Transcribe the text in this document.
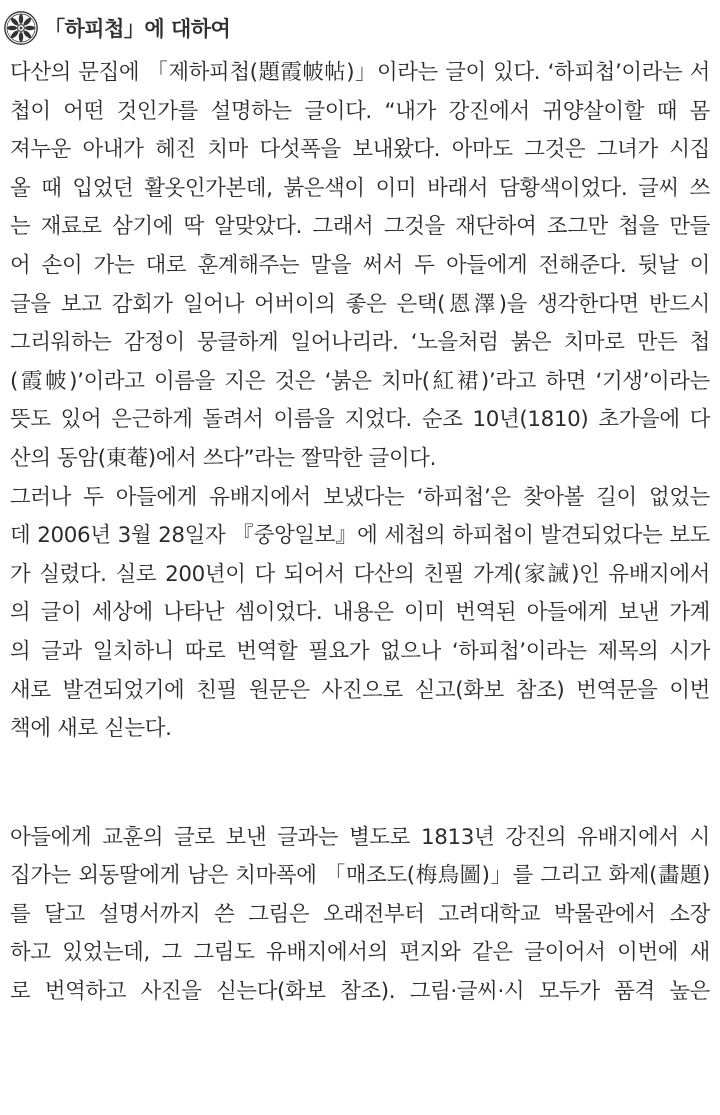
「하피첩」에 대하여
다산의 문집에 「제하피첩(題霞帔帖)」이라는 글이 있다. ‘하피첩’이라는 서
첩이 어떤 것인가를 설명하는 글이다. “내가 강진에서 귀양살이할 때 몸
져누운 아내가 헤진 치마 다섯폭을 보내왔다. 아마도 그것은 그녀가 시집
올 때 입었던 활옷인가본데, 붉은색이 이미 바래서 담황색이었다. 글씨 쓰
는 재료로 삼기에 딱 알맞았다. 그래서 그것을 재단하여 조그만 첩을 만들
어 손이 가는 대로 훈계해주는 말을 써서 두 아들에게 전해준다. 뒷날 이
글을 보고 감회가 일어나 어버이의 좋은 은택(恩澤)을 생각한다면 반드시
그리워하는 감정이 뭉클하게 일어나리라. ‘노을처럼 붉은 치마로 만든 첩
(霞帔)’이라고 이름을 지은 것은 ‘붉은 치마(紅裙)’라고 하면 ‘기생’이라는
뜻도 있어 은근하게 돌려서 이름을 지었다. 순조 10년(1810) 초가을에 다
산의 동암(東菴)에서 쓰다”라는 짤막한 글이다.
그러나 두 아들에게 유배지에서 보냈다는 ‘하피첩’은 찾아볼 길이 없었는
데 2006년 3월 28일자 『중앙일보』에 세첩의 하피첩이 발견되었다는 보도
가 실렸다. 실로 200년이 다 되어서 다산의 친필 가계(家誡)인 유배지에서
의 글이 세상에 나타난 셈이었다. 내용은 이미 번역된 아들에게 보낸 가계
의 글과 일치하니 따로 번역할 필요가 없으나 ‘하피첩’이라는 제목의 시가
새로 발견되었기에 친필 원문은 사진으로 싣고(화보 참조) 번역문을 이번
책에 새로 싣는다.
아들에게 교훈의 글로 보낸 글과는 별도로 1813년 강진의 유배지에서 시
집가는 외동딸에게 남은 치마폭에 「매조도(梅鳥圖)」를 그리고 화제(畵題)
를 달고 설명서까지 쓴 그림은 오래전부터 고려대학교 박물관에서 소장
하고 있었는데, 그 그림도 유배지에서의 편지와 같은 글이어서 이번에 새
로 번역하고 사진을 싣는다(화보 참조). 그림·글씨·시 모두가 품격 높은
